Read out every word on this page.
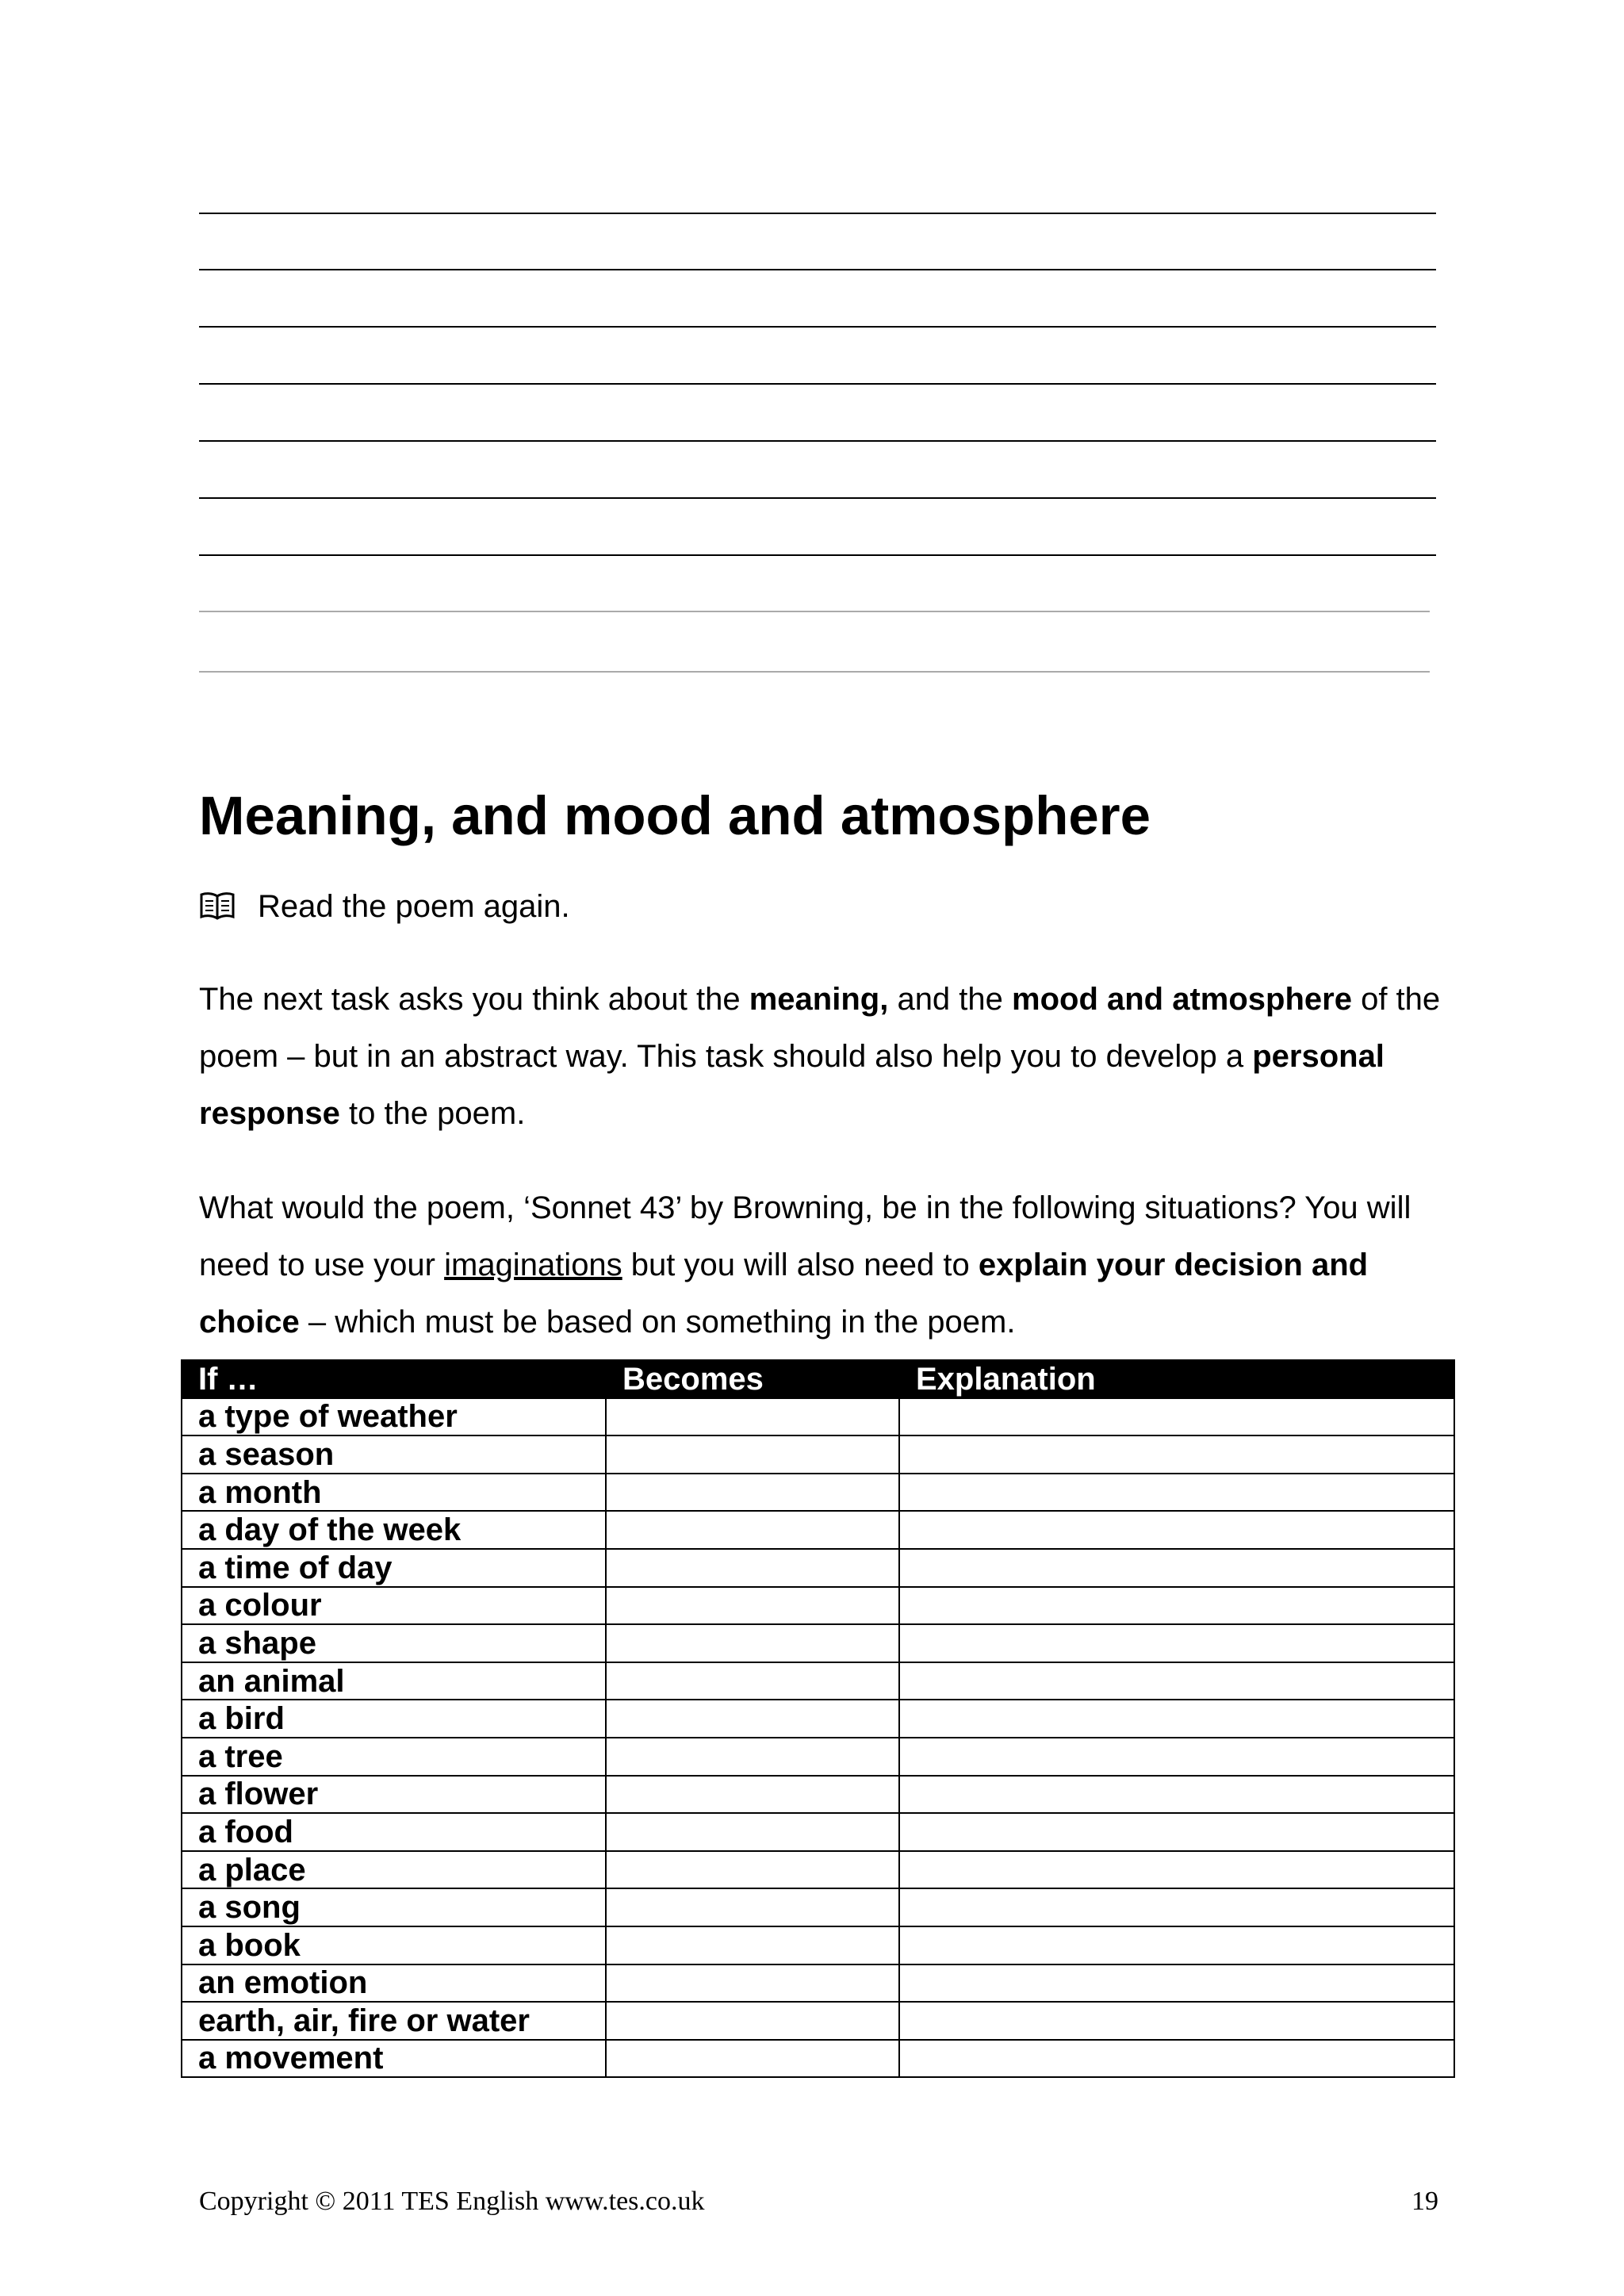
Meaning, and mood and atmosphere
Read the poem again.

The next task asks you think about the meaning, and the mood and atmosphere of the poem – but in an abstract way. This task should also help you to develop a personal response to the poem.

What would the poem, ‘Sonnet 43’ by Browning, be in the following situations? You will need to use your imaginations but you will also need to explain your decision and choice – which must be based on something in the poem.

If …	Becomes	Explanation
a type of weather		
a season		
a month		
a day of the week		
a time of day		
a colour		
a shape		
an animal		
a bird		
a tree		
a flower		
a food		
a place		
a song		
a book		
an emotion		
earth, air, fire or water		
a movement		
Copyright © 2011 TES English www.tes.co.uk	19
